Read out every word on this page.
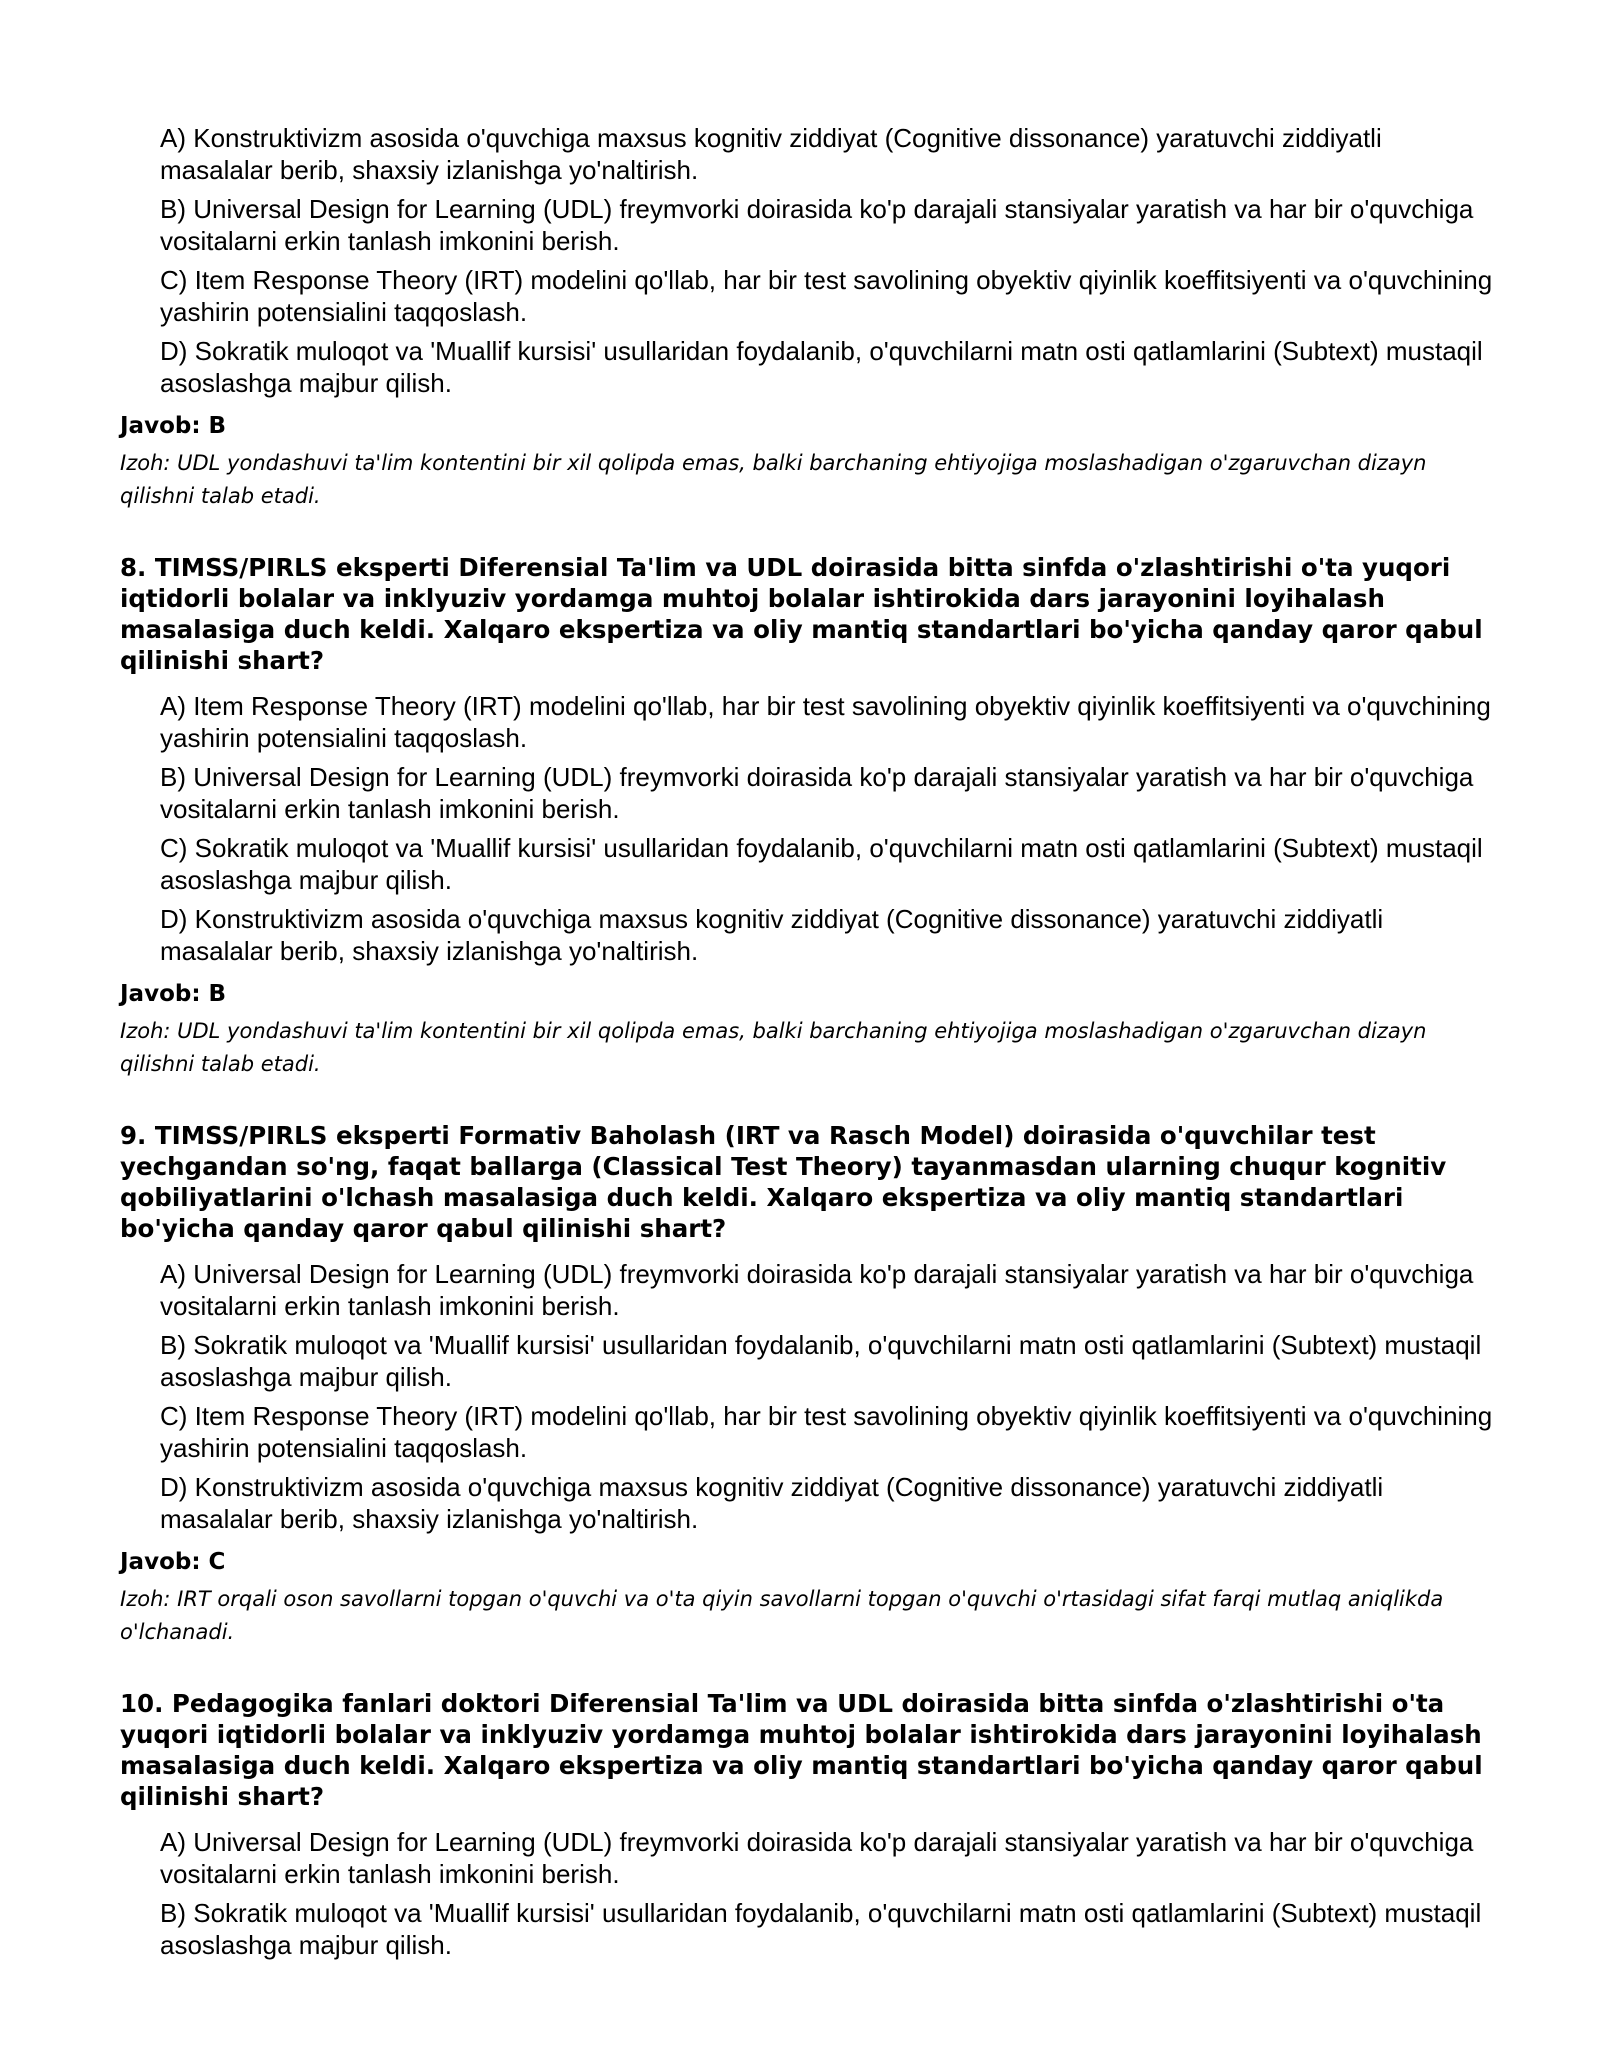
A) Konstruktivizm asosida o'quvchiga maxsus kognitiv ziddiyat (Cognitive dissonance) yaratuvchi ziddiyatli masalalar berib, shaxsiy izlanishga yo'naltirish.

B) Universal Design for Learning (UDL) freymvorki doirasida ko'p darajali stansiyalar yaratish va har bir o'quvchiga vositalarni erkin tanlash imkonini berish.

C) Item Response Theory (IRT) modelini qo'llab, har bir test savolining obyektiv qiyinlik koeffitsiyenti va o'quvchining yashirin potensialini taqqoslash.

D) Sokratik muloqot va 'Muallif kursisi' usullaridan foydalanib, o'quvchilarni matn osti qatlamlarini (Subtext) mustaqil asoslashga majbur qilish.

Javob: B

Izoh: UDL yondashuvi ta'lim kontentini bir xil qolipda emas, balki barchaning ehtiyojiga moslashadigan o'zgaruvchan dizayn qilishni talab etadi.

8. TIMSS/PIRLS eksperti Diferensial Ta'lim va UDL doirasida bitta sinfda o'zlashtirishi o'ta yuqori iqtidorli bolalar va inklyuziv yordamga muhtoj bolalar ishtirokida dars jarayonini loyihalash masalasiga duch keldi. Xalqaro ekspertiza va oliy mantiq standartlari bo'yicha qanday qaror qabul qilinishi shart?

A) Item Response Theory (IRT) modelini qo'llab, har bir test savolining obyektiv qiyinlik koeffitsiyenti va o'quvchining yashirin potensialini taqqoslash.

B) Universal Design for Learning (UDL) freymvorki doirasida ko'p darajali stansiyalar yaratish va har bir o'quvchiga vositalarni erkin tanlash imkonini berish.

C) Sokratik muloqot va 'Muallif kursisi' usullaridan foydalanib, o'quvchilarni matn osti qatlamlarini (Subtext) mustaqil asoslashga majbur qilish.

D) Konstruktivizm asosida o'quvchiga maxsus kognitiv ziddiyat (Cognitive dissonance) yaratuvchi ziddiyatli masalalar berib, shaxsiy izlanishga yo'naltirish.

Javob: B

Izoh: UDL yondashuvi ta'lim kontentini bir xil qolipda emas, balki barchaning ehtiyojiga moslashadigan o'zgaruvchan dizayn qilishni talab etadi.

9. TIMSS/PIRLS eksperti Formativ Baholash (IRT va Rasch Model) doirasida o'quvchilar test yechgandan so'ng, faqat ballarga (Classical Test Theory) tayanmasdan ularning chuqur kognitiv qobiliyatlarini o'lchash masalasiga duch keldi. Xalqaro ekspertiza va oliy mantiq standartlari bo'yicha qanday qaror qabul qilinishi shart?

A) Universal Design for Learning (UDL) freymvorki doirasida ko'p darajali stansiyalar yaratish va har bir o'quvchiga vositalarni erkin tanlash imkonini berish.

B) Sokratik muloqot va 'Muallif kursisi' usullaridan foydalanib, o'quvchilarni matn osti qatlamlarini (Subtext) mustaqil asoslashga majbur qilish.

C) Item Response Theory (IRT) modelini qo'llab, har bir test savolining obyektiv qiyinlik koeffitsiyenti va o'quvchining yashirin potensialini taqqoslash.

D) Konstruktivizm asosida o'quvchiga maxsus kognitiv ziddiyat (Cognitive dissonance) yaratuvchi ziddiyatli masalalar berib, shaxsiy izlanishga yo'naltirish.

Javob: C

Izoh: IRT orqali oson savollarni topgan o'quvchi va o'ta qiyin savollarni topgan o'quvchi o'rtasidagi sifat farqi mutlaq aniqlikda o'lchanadi.

10. Pedagogika fanlari doktori Diferensial Ta'lim va UDL doirasida bitta sinfda o'zlashtirishi o'ta yuqori iqtidorli bolalar va inklyuziv yordamga muhtoj bolalar ishtirokida dars jarayonini loyihalash masalasiga duch keldi. Xalqaro ekspertiza va oliy mantiq standartlari bo'yicha qanday qaror qabul qilinishi shart?

A) Universal Design for Learning (UDL) freymvorki doirasida ko'p darajali stansiyalar yaratish va har bir o'quvchiga vositalarni erkin tanlash imkonini berish.

B) Sokratik muloqot va 'Muallif kursisi' usullaridan foydalanib, o'quvchilarni matn osti qatlamlarini (Subtext) mustaqil asoslashga majbur qilish.
